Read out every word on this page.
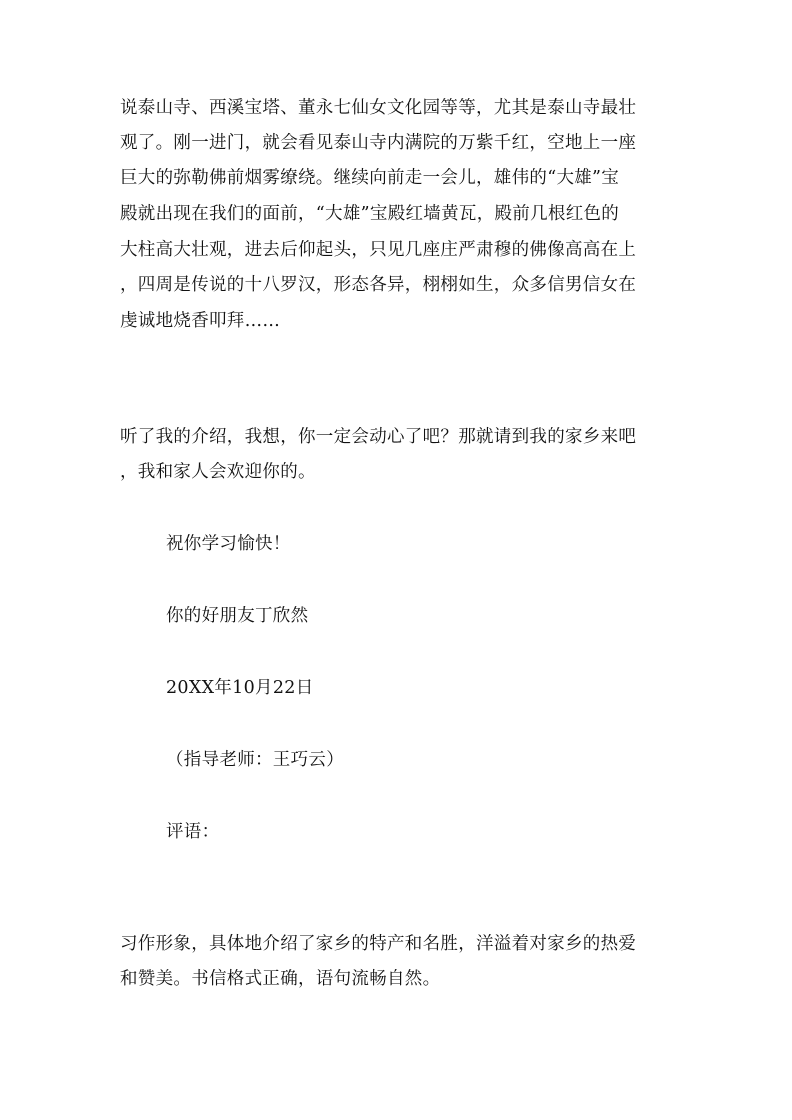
说泰山寺、西溪宝塔、董永七仙女文化园等等，尤其是泰山寺最壮
观了。刚一进门，就会看见泰山寺内满院的万紫千红，空地上一座
巨大的弥勒佛前烟雾缭绕。继续向前走一会儿，雄伟的“大雄”宝
殿就出现在我们的面前，“大雄”宝殿红墙黄瓦，殿前几根红色的
大柱高大壮观，进去后仰起头，只见几座庄严肃穆的佛像高高在上
，四周是传说的十八罗汉，形态各异，栩栩如生，众多信男信女在
虔诚地烧香叩拜……
听了我的介绍，我想，你一定会动心了吧？那就请到我的家乡来吧
，我和家人会欢迎你的。
祝你学习愉快！
你的好朋友丁欣然
20XX年10月22日
（指导老师：王巧云）
评语：
习作形象，具体地介绍了家乡的特产和名胜，洋溢着对家乡的热爱
和赞美。书信格式正确，语句流畅自然。
